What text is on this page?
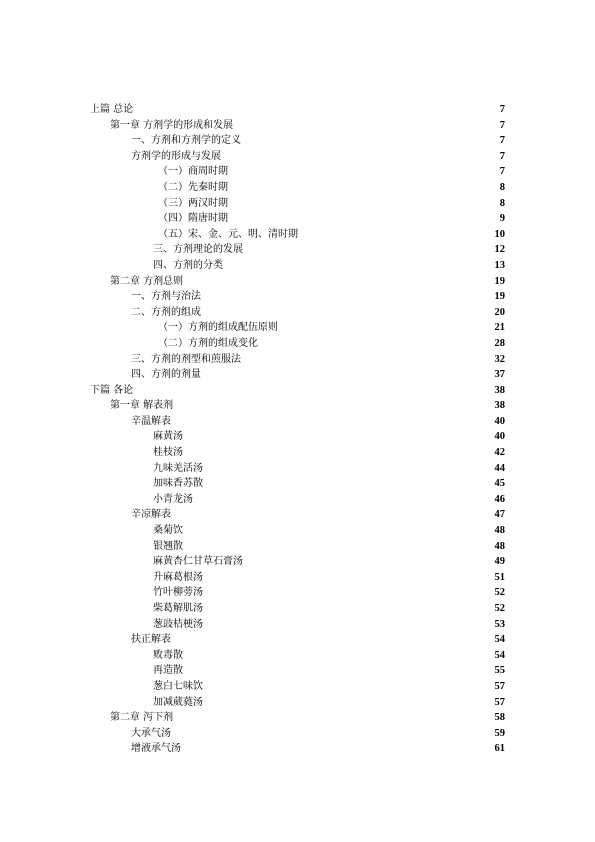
上篇 总论	7
第一章 方剂学的形成和发展	7
一、方剂和方剂学的定义	7
方剂学的形成与发展	7
（一）商周时期	7
（二）先秦时期	8
（三）两汉时期	8
（四）隋唐时期	9
（五）宋、金、元、明、清时期	10
三、方剂理论的发展	12
四、方剂的分类	13
第二章 方剂总则	19
一、方剂与治法	19
二、方剂的组成	20
（一）方剂的组成配伍原则	21
（二）方剂的组成变化	28
三、方剂的剂型和煎服法	32
四、方剂的剂量	37
下篇 各论	38
第一章 解表剂	38
辛温解表	40
麻黄汤	40
桂枝汤	42
九味羌活汤	44
加味香苏散	45
小青龙汤	46
辛凉解表	47
桑菊饮	48
银翘散	48
麻黄杏仁甘草石膏汤	49
升麻葛根汤	51
竹叶柳蒡汤	52
柴葛解肌汤	52
葱豉桔梗汤	53
扶正解表	54
败毒散	54
再造散	55
葱白七味饮	57
加减葳蕤汤	57
第二章 泻下剂	58
大承气汤	59
增液承气汤	61
